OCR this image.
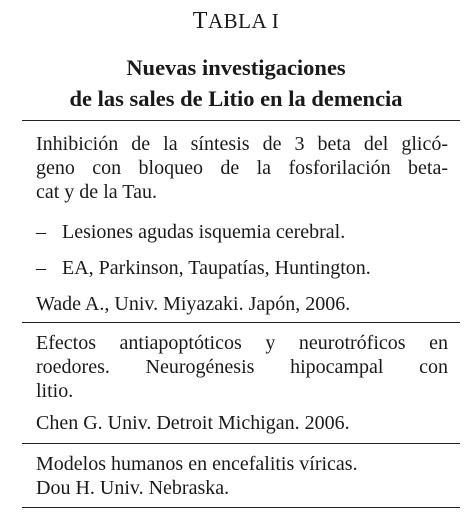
TABLA I
Nuevas investigaciones
de las sales de Litio en la demencia
Inhibición de la síntesis de 3 beta del glicó-
geno con bloqueo de la fosforilación beta-
cat y de la Tau.
– Lesiones agudas isquemia cerebral.
– EA, Parkinson, Taupatías, Huntington.
Wade A., Univ. Miyazaki. Japón, 2006.
Efectos antiapoptóticos y neurotróficos en
roedores. Neurogénesis hipocampal con
litio.
Chen G. Univ. Detroit Michigan. 2006.
Modelos humanos en encefalitis víricas.
Dou H. Univ. Nebraska.
